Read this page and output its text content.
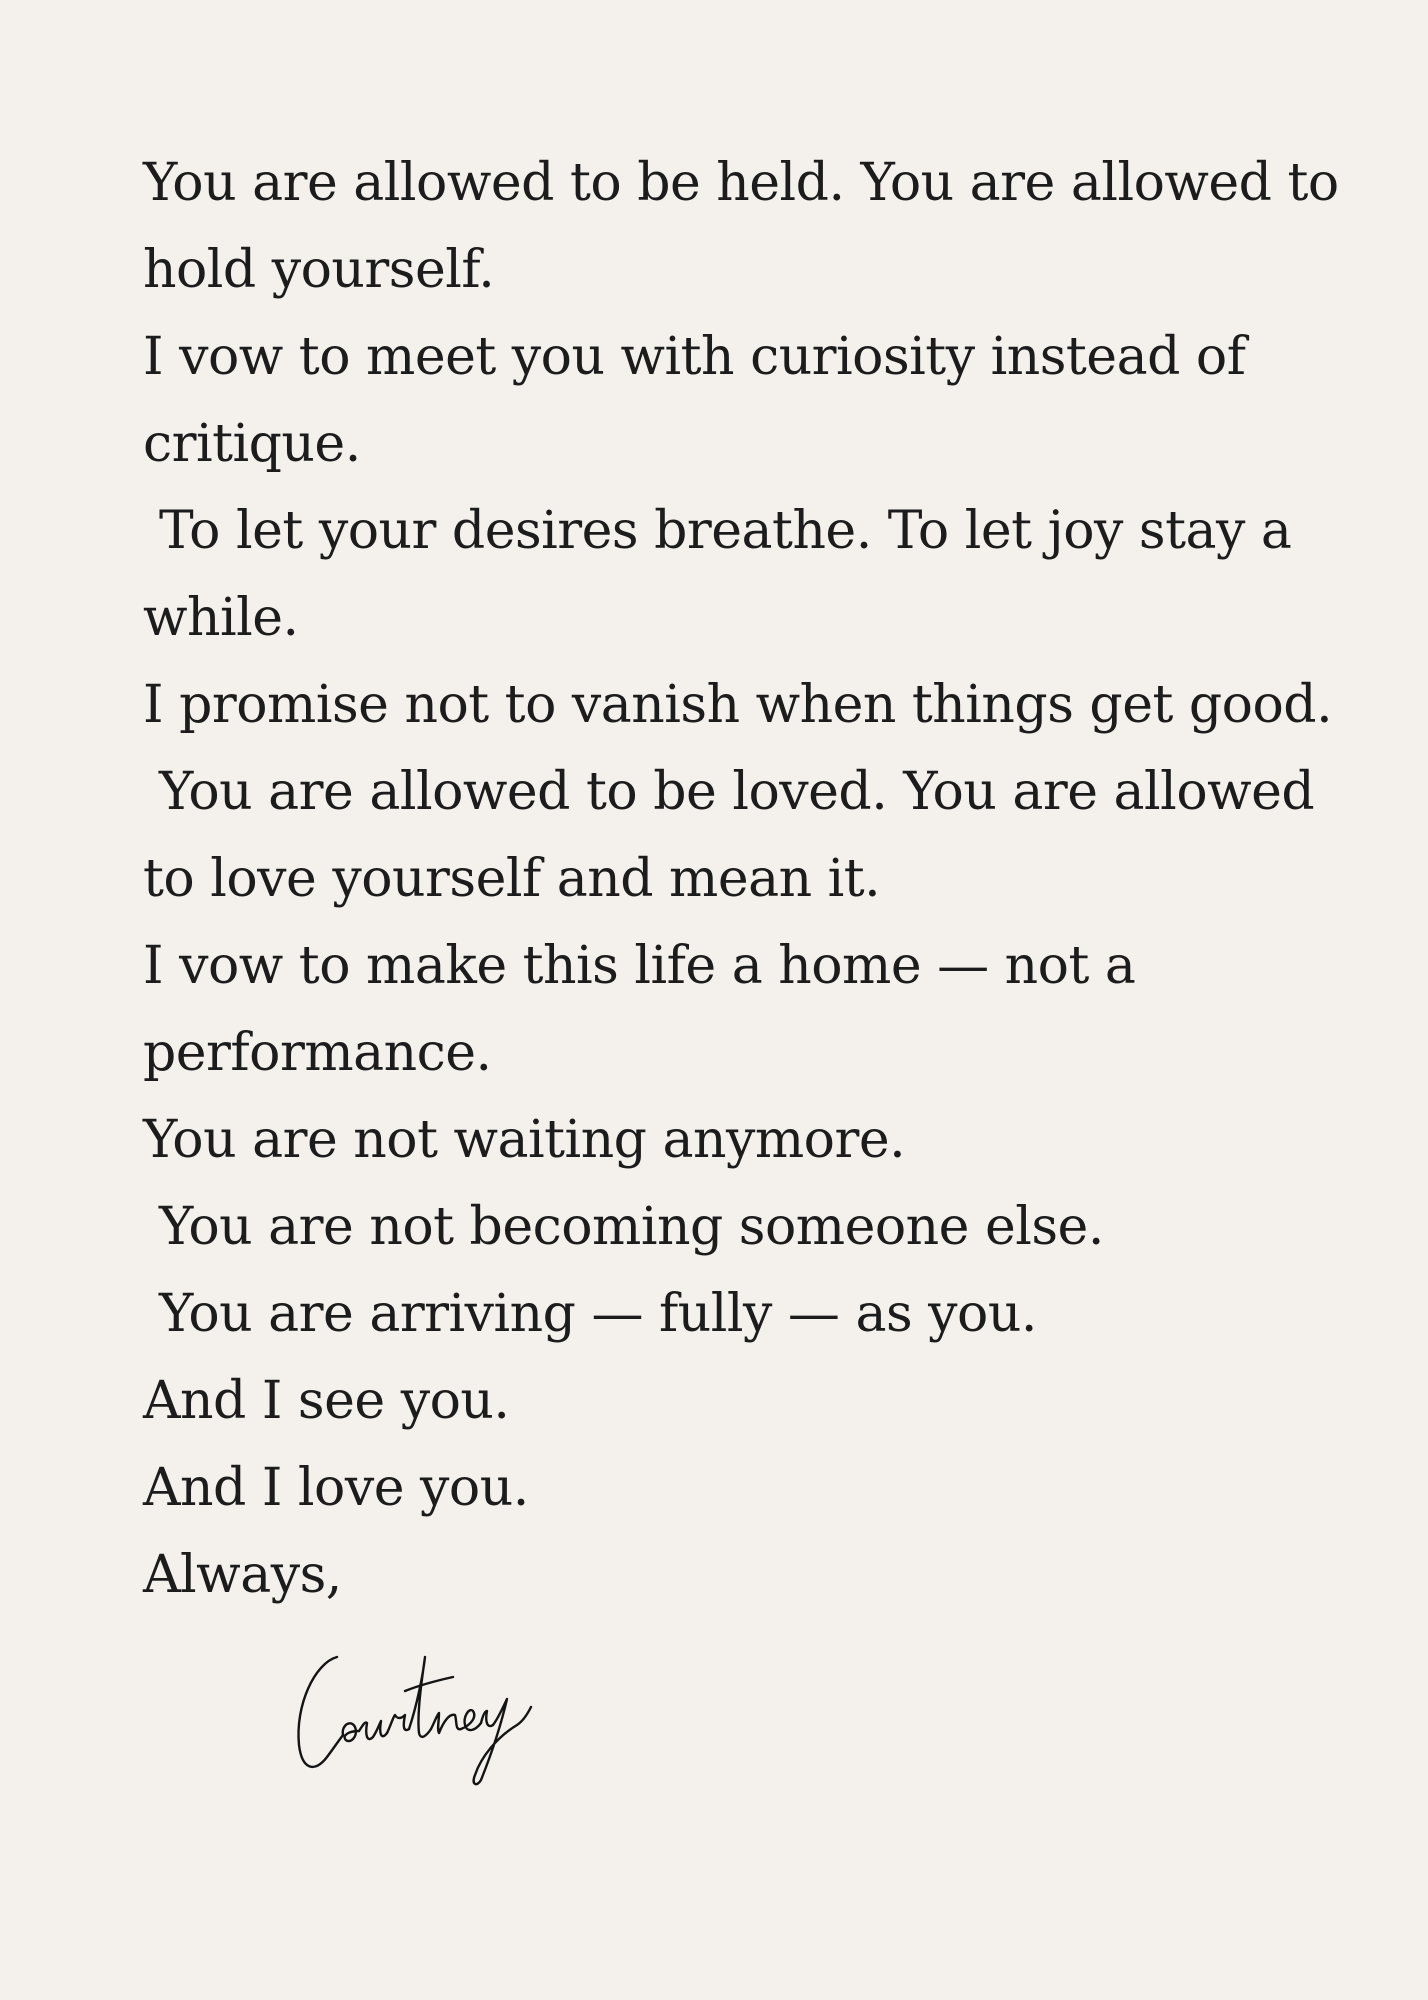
You are allowed to be held. You are allowed to
hold yourself.
I vow to meet you with curiosity instead of
critique.
To let your desires breathe. To let joy stay a
while.
I promise not to vanish when things get good.
You are allowed to be loved. You are allowed
to love yourself and mean it.
I vow to make this life a home — not a
performance.
You are not waiting anymore.
You are not becoming someone else.
You are arriving — fully — as you.
And I see you.
And I love you.
Always,
